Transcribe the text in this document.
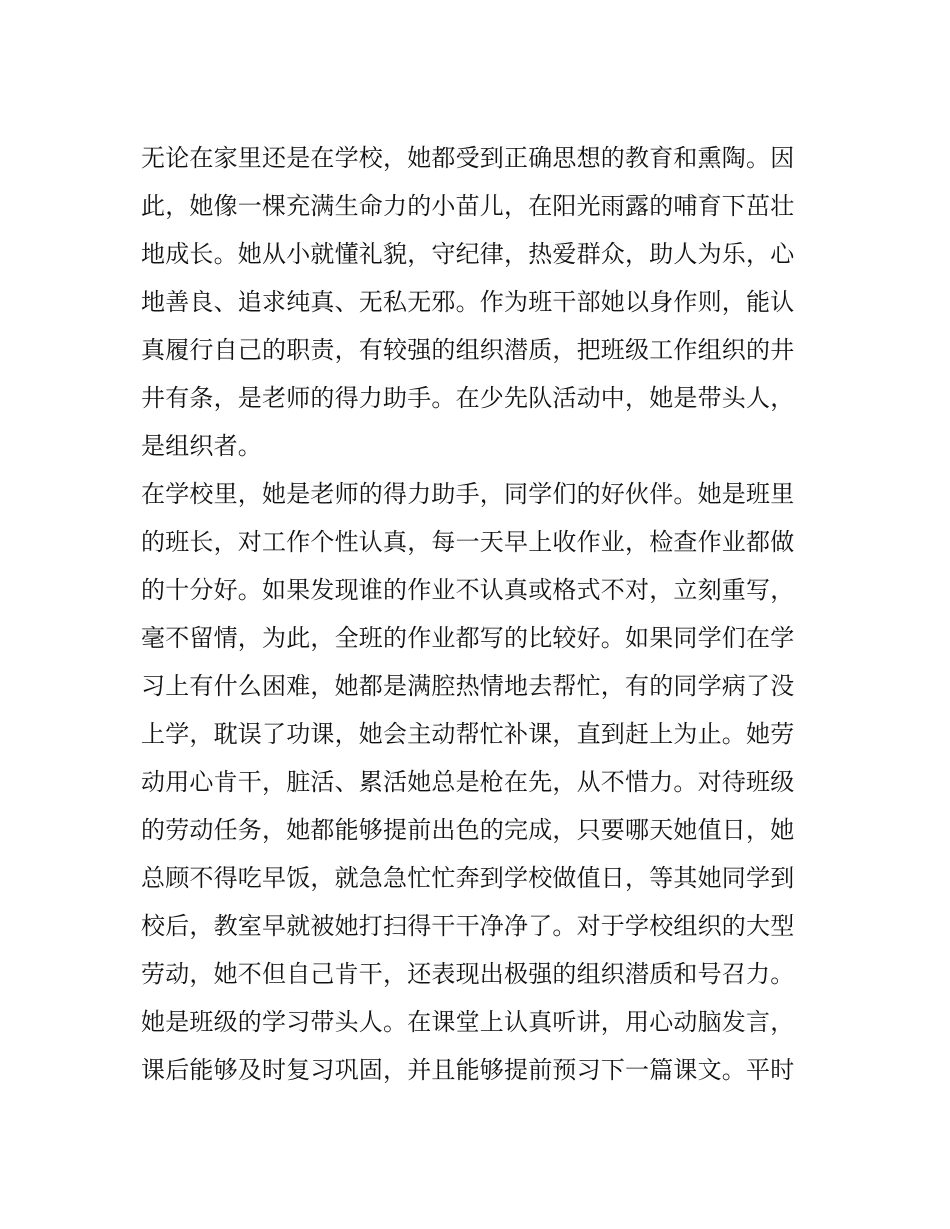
无论在家里还是在学校，她都受到正确思想的教育和熏陶。因
此，她像一棵充满生命力的小苗儿，在阳光雨露的哺育下茁壮
地成长。她从小就懂礼貌，守纪律，热爱群众，助人为乐，心
地善良、追求纯真、无私无邪。作为班干部她以身作则，能认
真履行自己的职责，有较强的组织潜质，把班级工作组织的井
井有条，是老师的得力助手。在少先队活动中，她是带头人，
是组织者。
在学校里，她是老师的得力助手，同学们的好伙伴。她是班里
的班长，对工作个性认真，每一天早上收作业，检查作业都做
的十分好。如果发现谁的作业不认真或格式不对，立刻重写，
毫不留情，为此，全班的作业都写的比较好。如果同学们在学
习上有什么困难，她都是满腔热情地去帮忙，有的同学病了没
上学，耽误了功课，她会主动帮忙补课，直到赶上为止。她劳
动用心肯干，脏活、累活她总是枪在先，从不惜力。对待班级
的劳动任务，她都能够提前出色的完成，只要哪天她值日，她
总顾不得吃早饭，就急急忙忙奔到学校做值日，等其她同学到
校后，教室早就被她打扫得干干净净了。对于学校组织的大型
劳动，她不但自己肯干，还表现出极强的组织潜质和号召力。
她是班级的学习带头人。在课堂上认真听讲，用心动脑发言，
课后能够及时复习巩固，并且能够提前预习下一篇课文。平时
